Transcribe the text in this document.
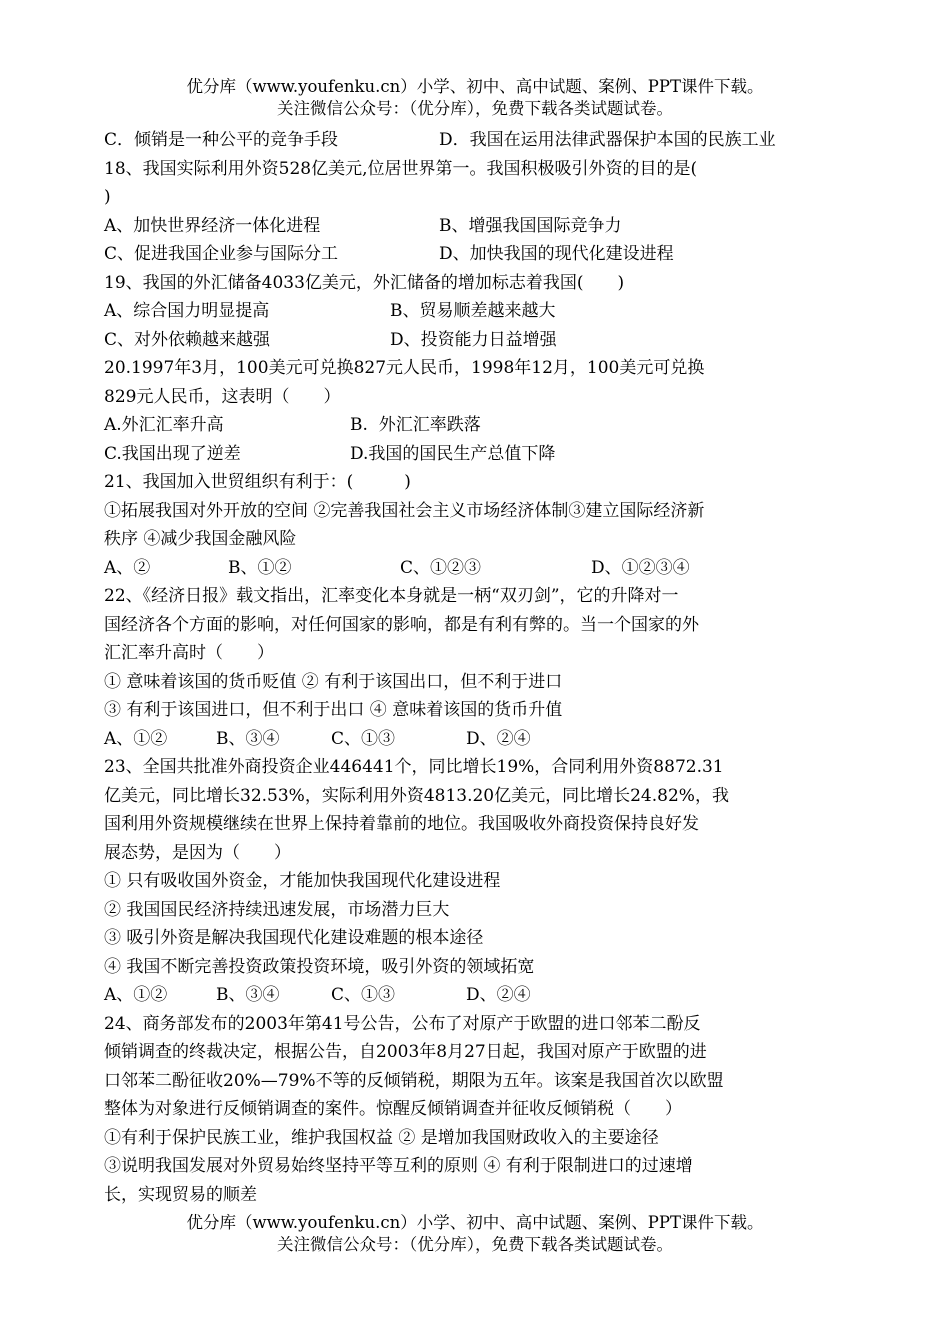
优分库（www.youfenku.cn）小学、初中、高中试题、案例、PPT课件下载。
关注微信公众号：（优分库），免费下载各类试题试卷。
C．倾销是一种公平的竞争手段	D．我国在运用法律武器保护本国的民族工业
18、我国实际利用外资528亿美元,位居世界第一。我国积极吸引外资的目的是(
)
A、加快世界经济一体化进程	B、增强我国国际竞争力
C、促进我国企业参与国际分工	D、加快我国的现代化建设进程
19、我国的外汇储备4033亿美元，外汇储备的增加标志着我国(　　)
A、综合国力明显提高	B、贸易顺差越来越大
C、对外依赖越来越强	D、投资能力日益增强
20.1997年3月，100美元可兑换827元人民币，1998年12月，100美元可兑换
829元人民币，这表明（　　）
A.外汇汇率升高	B.  外汇汇率跌落
C.我国出现了逆差	D.我国的国民生产总值下降
21、我国加入世贸组织有利于：(　　　)
①拓展我国对外开放的空间 ②完善我国社会主义市场经济体制③建立国际经济新
秩序 ④减少我国金融风险
A、②	B、①②	C、①②③	D、①②③④
22、《经济日报》载文指出，汇率变化本身就是一柄“双刃剑”，它的升降对一
国经济各个方面的影响，对任何国家的影响，都是有利有弊的。当一个国家的外
汇汇率升高时（　　）
① 意味着该国的货币贬值 ② 有利于该国出口，但不利于进口
③ 有利于该国进口，但不利于出口 ④ 意味着该国的货币升值
A、①②	B、③④	C、①③	D、②④
23、全国共批准外商投资企业446441个，同比增长19%，合同利用外资8872.31
亿美元，同比增长32.53%，实际利用外资4813.20亿美元，同比增长24.82%，我
国利用外资规模继续在世界上保持着靠前的地位。我国吸收外商投资保持良好发
展态势，是因为（　　）
① 只有吸收国外资金，才能加快我国现代化建设进程
② 我国国民经济持续迅速发展，市场潜力巨大
③ 吸引外资是解决我国现代化建设难题的根本途径
④ 我国不断完善投资政策投资环境，吸引外资的领域拓宽
A、①②	B、③④	C、①③	D、②④
24、商务部发布的2003年第41号公告，公布了对原产于欧盟的进口邻苯二酚反
倾销调查的终裁决定，根据公告，自2003年8月27日起，我国对原产于欧盟的进
口邻苯二酚征收20%—79%不等的反倾销税，期限为五年。该案是我国首次以欧盟
整体为对象进行反倾销调查的案件。惊醒反倾销调查并征收反倾销税（　　）
①有利于保护民族工业，维护我国权益 ② 是增加我国财政收入的主要途径
③说明我国发展对外贸易始终坚持平等互利的原则 ④ 有利于限制进口的过速增
长，实现贸易的顺差
优分库（www.youfenku.cn）小学、初中、高中试题、案例、PPT课件下载。
关注微信公众号：（优分库），免费下载各类试题试卷。
